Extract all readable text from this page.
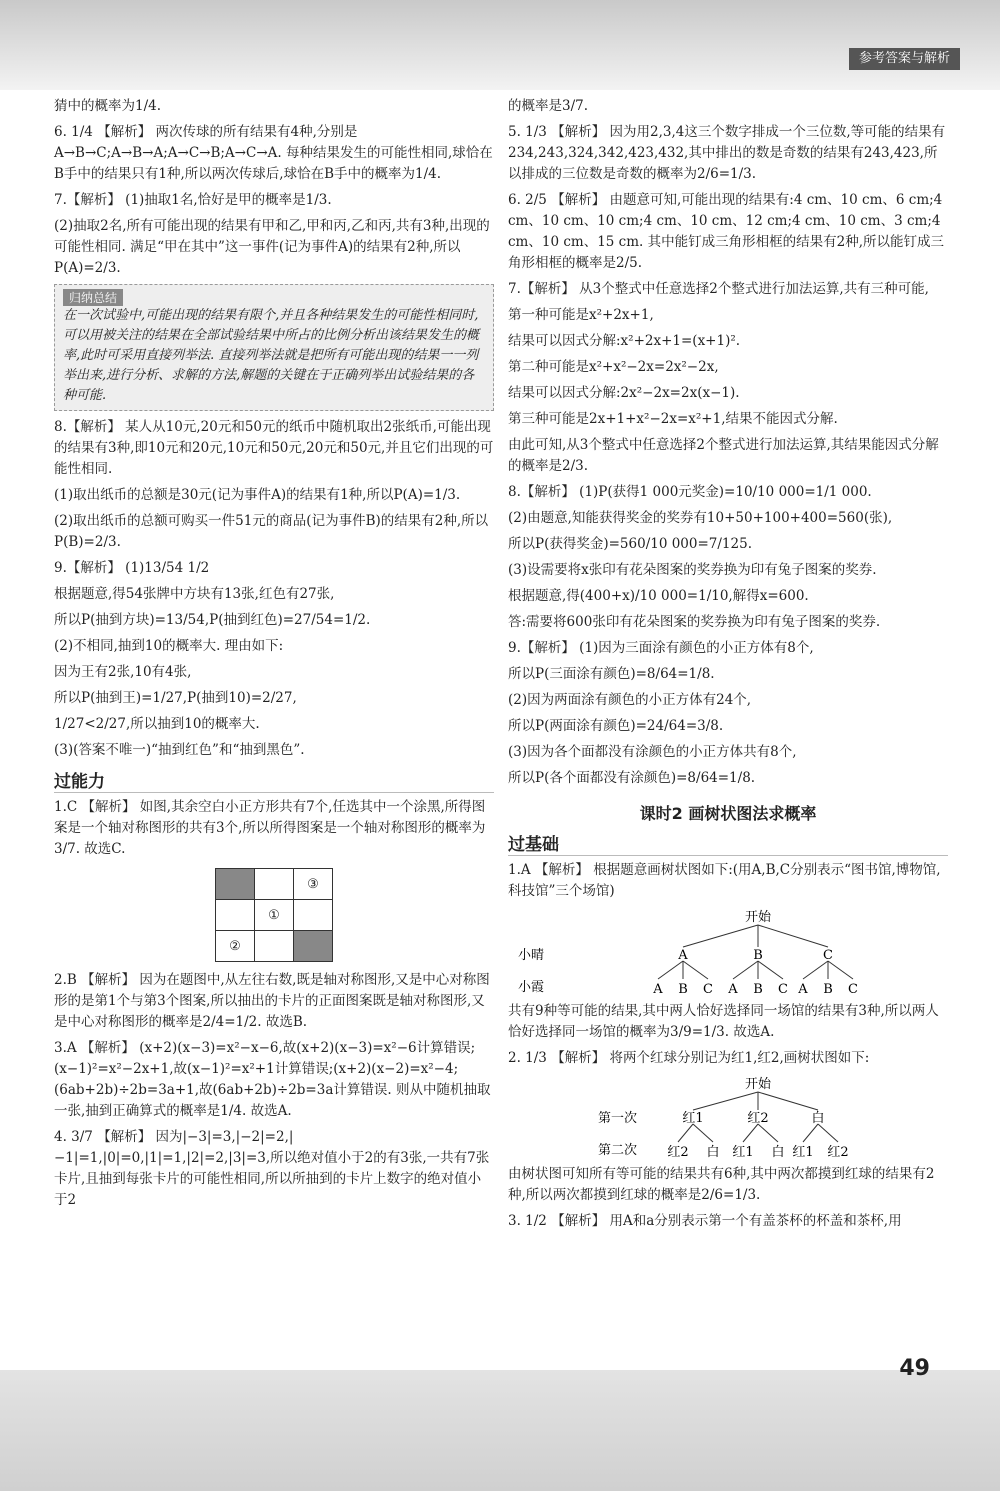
参考答案与解析

猜中的概率为1/4.

6. 1/4 【解析】 两次传球的所有结果有4种,分别是A→B→C;A→B→A;A→C→B;A→C→A. 每种结果发生的可能性相同,球恰在B手中的结果只有1种,所以两次传球后,球恰在B手中的概率为1/4.

7.【解析】 (1)抽取1名,恰好是甲的概率是1/3.

(2)抽取2名,所有可能出现的结果有甲和乙,甲和丙,乙和丙,共有3种,出现的可能性相同. 满足“甲在其中”这一事件(记为事件A)的结果有2种,所以P(A)=2/3.

归纳总结
在一次试验中,可能出现的结果有限个,并且各种结果发生的可能性相同时,可以用被关注的结果在全部试验结果中所占的比例分析出该结果发生的概率,此时可采用直接列举法. 直接列举法就是把所有可能出现的结果一一列举出来,进行分析、求解的方法,解题的关键在于正确列举出试验结果的各种可能.

8.【解析】 某人从10元,20元和50元的纸币中随机取出2张纸币,可能出现的结果有3种,即10元和20元,10元和50元,20元和50元,并且它们出现的可能性相同.

(1)取出纸币的总额是30元(记为事件A)的结果有1种,所以P(A)=1/3.

(2)取出纸币的总额可购买一件51元的商品(记为事件B)的结果有2种,所以P(B)=2/3.

9.【解析】 (1)13/54 1/2

根据题意,得54张牌中方块有13张,红色有27张,

所以P(抽到方块)=13/54,P(抽到红色)=27/54=1/2.

(2)不相同,抽到10的概率大. 理由如下:

因为王有2张,10有4张,

所以P(抽到王)=1/27,P(抽到10)=2/27,

1/27<2/27,所以抽到10的概率大.

(3)(答案不唯一)“抽到红色”和“抽到黑色”.

过能力

1.C 【解析】 如图,其余空白小正方形共有7个,任选其中一个涂黑,所得图案是一个轴对称图形的共有3个,所以所得图案是一个轴对称图形的概率为3/7. 故选C.

		③
	①	
②		

2.B 【解析】 因为在题图中,从左往右数,既是轴对称图形,又是中心对称图形的是第1个与第3个图案,所以抽出的卡片的正面图案既是轴对称图形,又是中心对称图形的概率是2/4=1/2. 故选B.

3.A 【解析】 (x+2)(x−3)=x²−x−6,故(x+2)(x−3)=x²−6计算错误;(x−1)²=x²−2x+1,故(x−1)²=x²+1计算错误;(x+2)(x−2)=x²−4;(6ab+2b)÷2b=3a+1,故(6ab+2b)÷2b=3a计算错误. 则从中随机抽取一张,抽到正确算式的概率是1/4. 故选A.

4. 3/7 【解析】 因为|−3|=3,|−2|=2,|−1|=1,|0|=0,|1|=1,|2|=2,|3|=3,所以绝对值小于2的有3张,一共有7张卡片,且抽到每张卡片的可能性相同,所以所抽到的卡片上数字的绝对值小于2

的概率是3/7.

5. 1/3 【解析】 因为用2,3,4这三个数字排成一个三位数,等可能的结果有234,243,324,342,423,432,其中排出的数是奇数的结果有243,423,所以排成的三位数是奇数的概率为2/6=1/3.

6. 2/5 【解析】 由题意可知,可能出现的结果有:4 cm、10 cm、6 cm;4 cm、10 cm、10 cm;4 cm、10 cm、12 cm;4 cm、10 cm、3 cm;4 cm、10 cm、15 cm. 其中能钉成三角形相框的结果有2种,所以能钉成三角形相框的概率是2/5.

7.【解析】 从3个整式中任意选择2个整式进行加法运算,共有三种可能,

第一种可能是x²+2x+1,

结果可以因式分解:x²+2x+1=(x+1)².

第二种可能是x²+x²−2x=2x²−2x,

结果可以因式分解:2x²−2x=2x(x−1).

第三种可能是2x+1+x²−2x=x²+1,结果不能因式分解.

由此可知,从3个整式中任意选择2个整式进行加法运算,其结果能因式分解的概率是2/3.

8.【解析】 (1)P(获得1 000元奖金)=10/10 000=1/1 000.

(2)由题意,知能获得奖金的奖券有10+50+100+400=560(张),

所以P(获得奖金)=560/10 000=7/125.

(3)设需要将x张印有花朵图案的奖券换为印有兔子图案的奖券.

根据题意,得(400+x)/10 000=1/10,解得x=600.

答:需要将600张印有花朵图案的奖券换为印有兔子图案的奖券.

9.【解析】 (1)因为三面涂有颜色的小正方体有8个,

所以P(三面涂有颜色)=8/64=1/8.

(2)因为两面涂有颜色的小正方体有24个,

所以P(两面涂有颜色)=24/64=3/8.

(3)因为各个面都没有涂颜色的小正方体共有8个,

所以P(各个面都没有涂颜色)=8/64=1/8.

课时2 画树状图法求概率
过基础

1.A 【解析】 根据题意画树状图如下:(用A,B,C分别表示“图书馆,博物馆,科技馆”三个场馆)

开始
小晴
小霞
A	B	C
A B C A B C A B C

共有9种等可能的结果,其中两人恰好选择同一场馆的结果有3种,所以两人恰好选择同一场馆的概率为3/9=1/3. 故选A.

2. 1/3 【解析】 将两个红球分别记为红1,红2,画树状图如下:

开始
第一次
第二次
红1	红2	白
红2 白 红1 白 红1 红2

由树状图可知所有等可能的结果共有6种,其中两次都摸到红球的结果有2种,所以两次都摸到红球的概率是2/6=1/3.

3. 1/2 【解析】 用A和a分别表示第一个有盖茶杯的杯盖和茶杯,用

49
